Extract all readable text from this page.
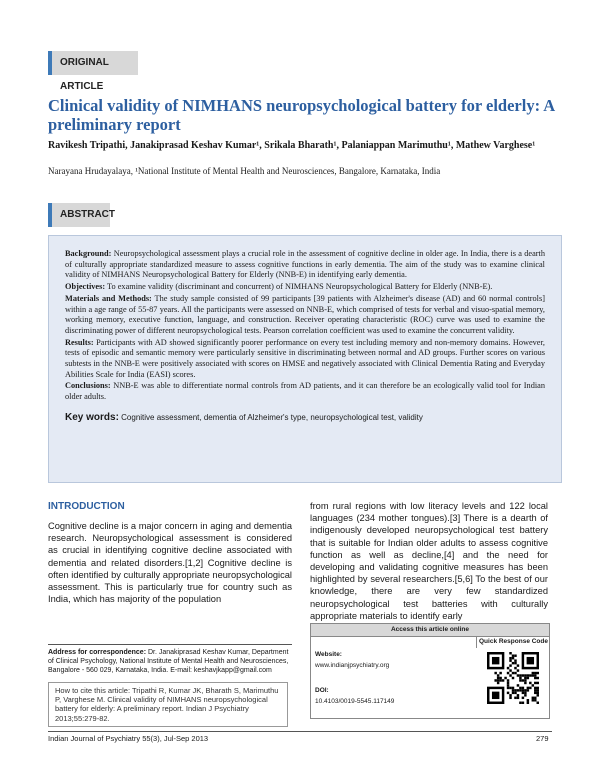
ORIGINAL ARTICLE
Clinical validity of NIMHANS neuropsychological battery for elderly: A preliminary report
Ravikesh Tripathi, Janakiprasad Keshav Kumar¹, Srikala Bharath¹, Palaniappan Marimuthu¹, Mathew Varghese¹
Narayana Hrudayalaya, ¹National Institute of Mental Health and Neurosciences, Bangalore, Karnataka, India
ABSTRACT

Background: Neuropsychological assessment plays a crucial role in the assessment of cognitive decline in older age. In India, there is a dearth of culturally appropriate standardized measure to assess cognitive functions in early dementia. The aim of the study was to examine clinical validity of NIMHANS Neuropsychological Battery for Elderly (NNB-E) in identifying early dementia.

Objectives: To examine validity (discriminant and concurrent) of NIMHANS Neuropsychological Battery for Elderly (NNB-E).

Materials and Methods: The study sample consisted of 99 participants [39 patients with Alzheimer's disease (AD) and 60 normal controls] within a age range of 55-87 years. All the participants were assessed on NNB-E, which comprised of tests for verbal and visuo-spatial memory, working memory, executive function, language, and construction. Receiver operating characteristic (ROC) curve was used to examine the discriminating power of different neuropsychological tests. Pearson correlation coefficient was used to examine the concurrent validity.

Results: Participants with AD showed significantly poorer performance on every test including memory and non-memory domains. However, tests of episodic and semantic memory were particularly sensitive in discriminating between normal and AD groups. Further scores on various subtests in the NNB-E were positively associated with scores on HMSE and negatively associated with Clinical Dementia Rating and Everyday Abilities Scale for India (EASI) scores.

Conclusions: NNB-E was able to differentiate normal controls from AD patients, and it can therefore be an ecologically valid tool for Indian older adults.

Key words: Cognitive assessment, dementia of Alzheimer's type, neuropsychological test, validity

INTRODUCTION
Cognitive decline is a major concern in aging and dementia research. Neuropsychological assessment is considered as crucial in identifying cognitive decline associated with dementia and related disorders.[1,2] Cognitive decline is often identified by culturally appropriate neuropsychological assessment. This is particularly true for country such as India, which has majority of the population
from rural regions with low literacy levels and 122 local languages (234 mother tongues).[3] There is a dearth of indigenously developed neuropsychological test battery that is suitable for Indian older adults to assess cognitive function as well as decline,[4] and the need for developing and validating cognitive measures has been highlighted by several researchers.[5,6] To the best of our knowledge, there are very few standardized neuropsychological test batteries with culturally appropriate materials to identify early
Address for correspondence: Dr. Janakiprasad Keshav Kumar, Department of Clinical Psychology, National Institute of Mental Health and Neurosciences, Bangalore - 560 029, Karnataka, India. E-mail: keshavjkapp@gmail.com
How to cite this article: Tripathi R, Kumar JK, Bharath S, Marimuthu P, Varghese M. Clinical validity of NIMHANS neuropsychological battery for elderly: A preliminary report. Indian J Psychiatry 2013;55:279-82.
Access this article online
Quick Response Code
Website:
www.indianjpsychiatry.org
DOI:
10.4103/0019-5545.117149
Indian Journal of Psychiatry 55(3), Jul-Sep 2013	279
